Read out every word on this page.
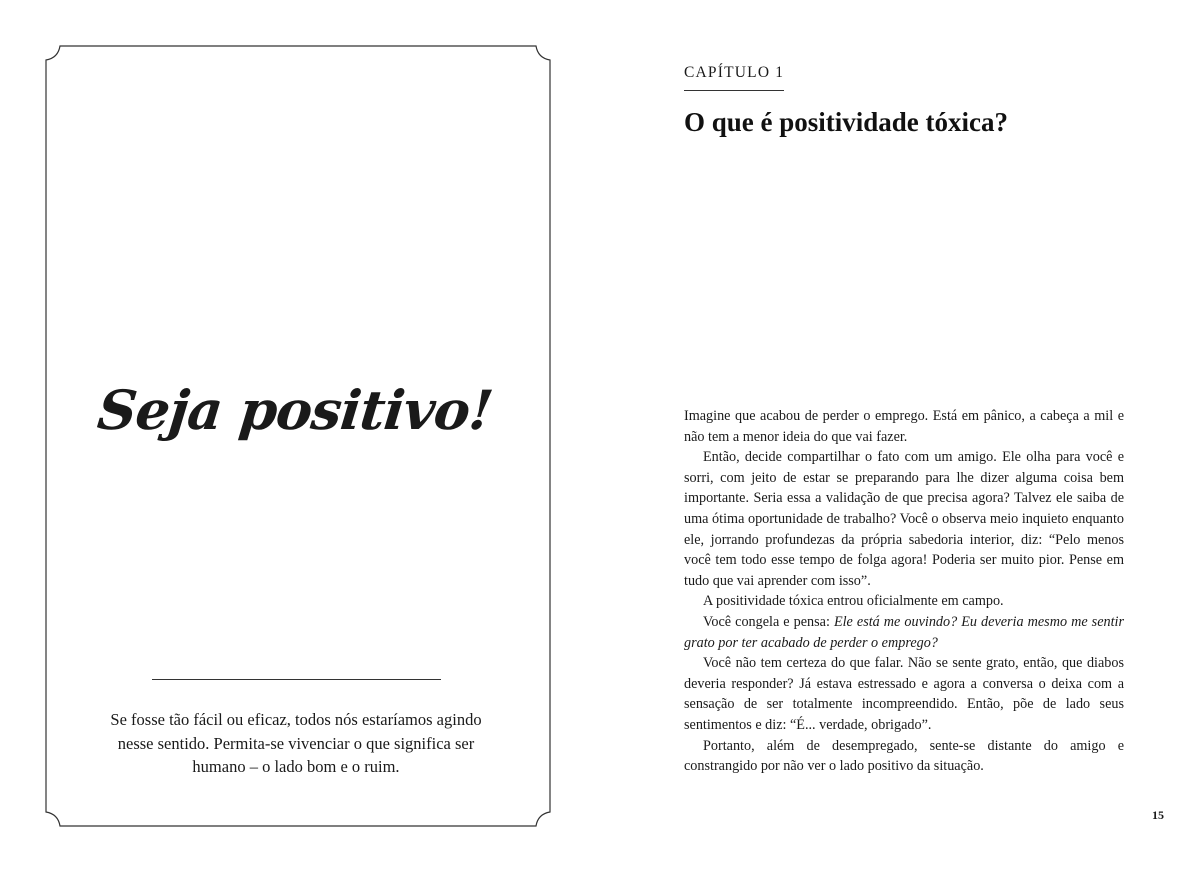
Seja positivo!
Se fosse tão fácil ou eficaz, todos nós estaríamos agindo nesse sentido. Permita-se vivenciar o que significa ser humano – o lado bom e o ruim.
CAPÍTULO 1
O que é positividade tóxica?

Imagine que acabou de perder o emprego. Está em pânico, a cabeça a mil e não tem a menor ideia do que vai fazer.

Então, decide compartilhar o fato com um amigo. Ele olha para você e sorri, com jeito de estar se preparando para lhe dizer alguma coisa bem importante. Seria essa a validação de que precisa agora? Talvez ele saiba de uma ótima oportunidade de trabalho? Você o observa meio inquieto enquanto ele, jorrando profundezas da própria sabedoria interior, diz: “Pelo menos você tem todo esse tempo de folga agora! Poderia ser muito pior. Pense em tudo que vai aprender com isso”.

A positividade tóxica entrou oficialmente em campo.

Você congela e pensa: Ele está me ouvindo? Eu deveria mesmo me sentir grato por ter acabado de perder o emprego?

Você não tem certeza do que falar. Não se sente grato, então, que diabos deveria responder? Já estava estressado e agora a conversa o deixa com a sensação de ser totalmente incompreendido. Então, põe de lado seus sentimentos e diz: “É... verdade, obrigado”.

Portanto, além de desempregado, sente-se distante do amigo e constrangido por não ver o lado positivo da situação.

15
